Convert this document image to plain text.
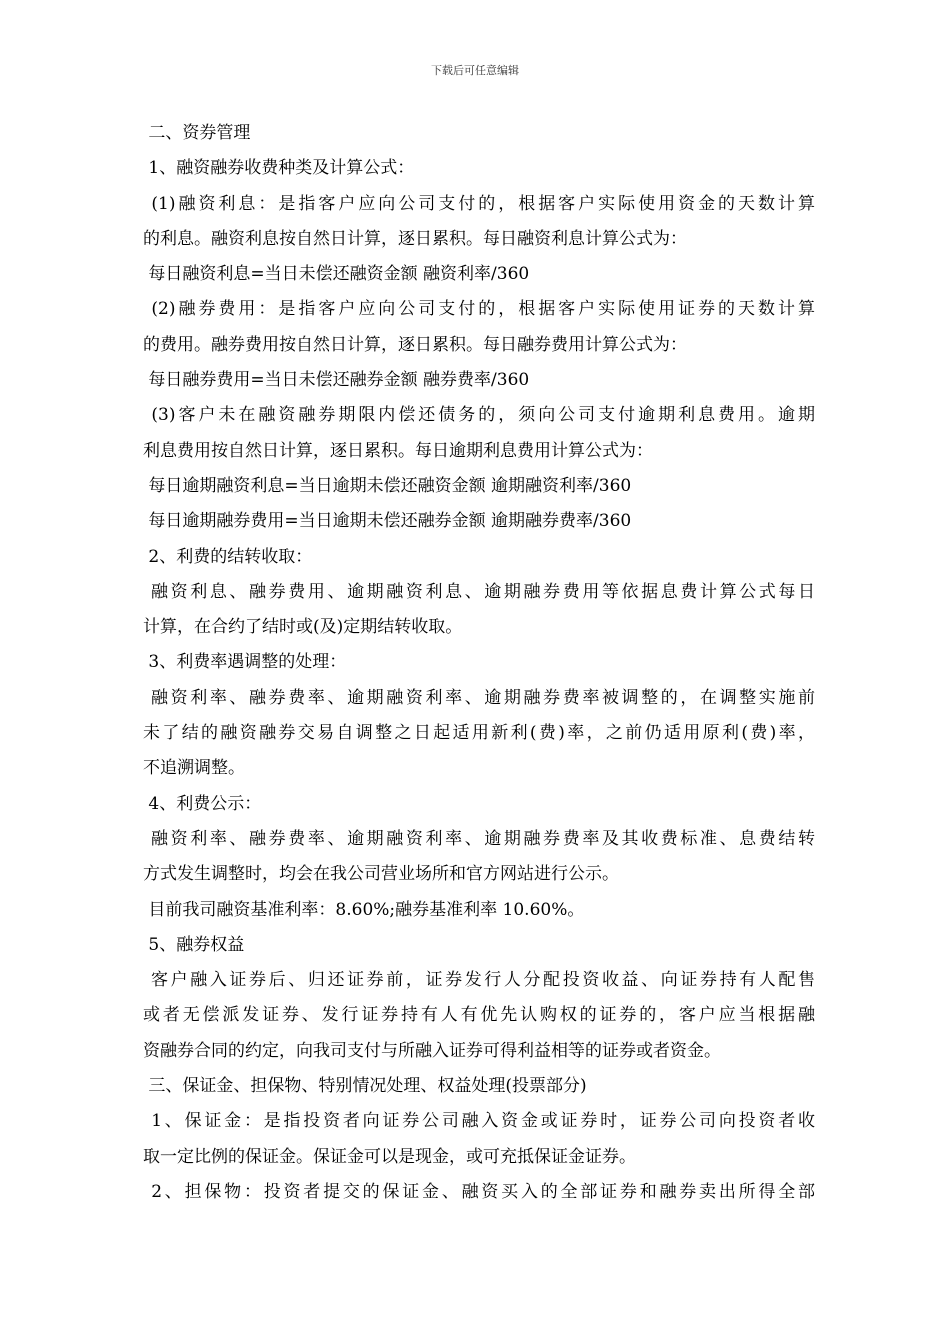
下载后可任意编辑
二、资券管理
1、融资融券收费种类及计算公式：
(1)融资利息：是指客户应向公司支付的，根据客户实际使用资金的天数计算
的利息。融资利息按自然日计算，逐日累积。每日融资利息计算公式为：
每日融资利息=当日未偿还融资金额 融资利率/360
(2)融券费用：是指客户应向公司支付的，根据客户实际使用证券的天数计算
的费用。融券费用按自然日计算，逐日累积。每日融券费用计算公式为：
每日融券费用=当日未偿还融券金额 融券费率/360
(3)客户未在融资融券期限内偿还债务的，须向公司支付逾期利息费用。逾期
利息费用按自然日计算，逐日累积。每日逾期利息费用计算公式为：
每日逾期融资利息=当日逾期未偿还融资金额 逾期融资利率/360
每日逾期融券费用=当日逾期未偿还融券金额 逾期融券费率/360
2、利费的结转收取：
融资利息、融券费用、逾期融资利息、逾期融券费用等依据息费计算公式每日
计算，在合约了结时或(及)定期结转收取。
3、利费率遇调整的处理：
融资利率、融券费率、逾期融资利率、逾期融券费率被调整的，在调整实施前
未了结的融资融券交易自调整之日起适用新利(费)率，之前仍适用原利(费)率，
不追溯调整。
4、利费公示：
融资利率、融券费率、逾期融资利率、逾期融券费率及其收费标准、息费结转
方式发生调整时，均会在我公司营业场所和官方网站进行公示。
目前我司融资基准利率：8.60%;融券基准利率 10.60%。
5、融券权益
客户融入证券后、归还证券前，证券发行人分配投资收益、向证券持有人配售
或者无偿派发证券、发行证券持有人有优先认购权的证券的，客户应当根据融
资融券合同的约定，向我司支付与所融入证券可得利益相等的证券或者资金。
三、保证金、担保物、特别情况处理、权益处理(投票部分)
1、保证金：是指投资者向证券公司融入资金或证券时，证券公司向投资者收
取一定比例的保证金。保证金可以是现金，或可充抵保证金证券。
2、担保物：投资者提交的保证金、融资买入的全部证券和融券卖出所得全部
